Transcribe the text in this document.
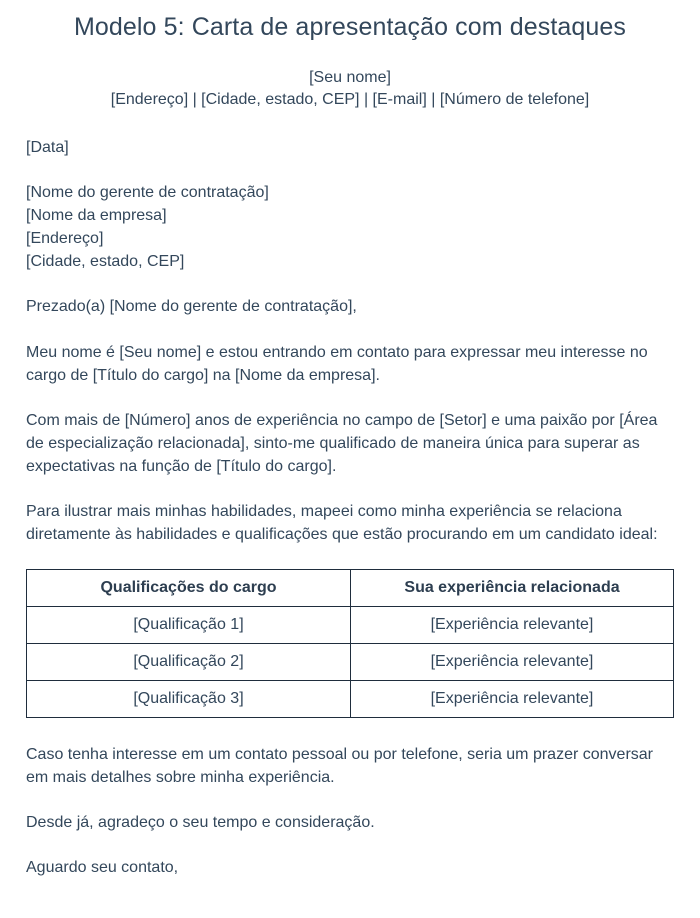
Modelo 5: Carta de apresentação com destaques
[Seu nome]
[Endereço] | [Cidade, estado, CEP] | [E-mail] | [Número de telefone]

[Data]

[Nome do gerente de contratação]
[Nome da empresa]
[Endereço]
[Cidade, estado, CEP]

Prezado(a) [Nome do gerente de contratação],

Meu nome é [Seu nome] e estou entrando em contato para expressar meu interesse no cargo de [Título do cargo] na [Nome da empresa].

Com mais de [Número] anos de experiência no campo de [Setor] e uma paixão por [Área de especialização relacionada], sinto-me qualificado de maneira única para superar as expectativas na função de [Título do cargo].

Para ilustrar mais minhas habilidades, mapeei como minha experiência se relaciona diretamente às habilidades e qualificações que estão procurando em um candidato ideal:

Qualificações do cargo	Sua experiência relacionada
[Qualificação 1]	[Experiência relevante]
[Qualificação 2]	[Experiência relevante]
[Qualificação 3]	[Experiência relevante]

Caso tenha interesse em um contato pessoal ou por telefone, seria um prazer conversar em mais detalhes sobre minha experiência.

Desde já, agradeço o seu tempo e consideração.

Aguardo seu contato,
